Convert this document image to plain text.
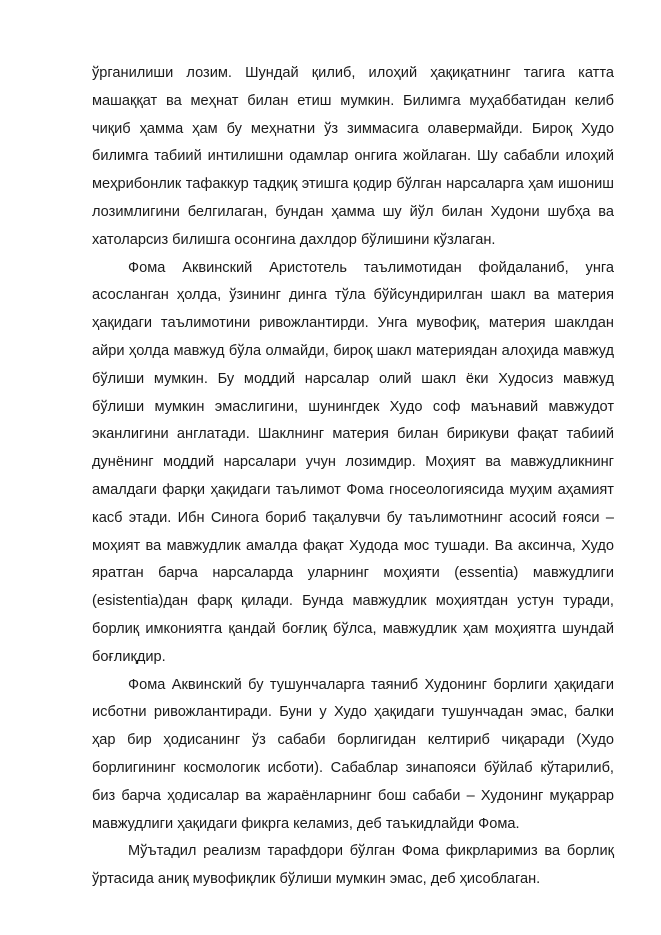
ўрганилиши лозим. Шундай қилиб, илоҳий ҳақиқатнинг тагига катта машаққат ва меҳнат билан етиш мумкин. Билимга муҳаббатидан келиб чиқиб ҳамма ҳам бу меҳнатни ўз зиммасига олавермайди. Бироқ Худо билимга табиий интилишни одамлар онгига жойлаган. Шу сабабли илоҳий меҳрибонлик тафаккур тадқиқ этишга қодир бўлган нарсаларга ҳам ишониш лозимлигини белгилаган, бундан ҳамма шу йўл билан Худони шубҳа ва хатоларсиз билишга осонгина дахлдор бўлишини кўзлаган.

Фома Аквинский Аристотель таълимотидан фойдаланиб, унга асосланган ҳолда, ўзининг динга тўла бўйсундирилган шакл ва материя ҳақидаги таълимотини ривожлантирди. Унга мувофиқ, материя шаклдан айри ҳолда мавжуд бўла олмайди, бироқ шакл материядан алоҳида мавжуд бўлиши мумкин. Бу моддий нарсалар олий шакл ёки Худосиз мавжуд бўлиши мумкин эмаслигини, шунингдек Худо соф маънавий мавжудот эканлигини англатади. Шаклнинг материя билан бирикуви фақат табиий дунёнинг моддий нарсалари учун лозимдир. Моҳият ва мавжудликнинг амалдаги фарқи ҳақидаги таълимот Фома гносеологиясида муҳим аҳамият касб этади. Ибн Синога бориб тақалувчи бу таълимотнинг асосий ғояси – моҳият ва мавжудлик амалда фақат Худода мос тушади. Ва аксинча, Худо яратган барча нарсаларда уларнинг моҳияти (essentia) мавжудлиги (esistentia)дан фарқ қилади. Бунда мавжудлик моҳиятдан устун туради, борлиқ имкониятга қандай боғлиқ бўлса, мавжудлик ҳам моҳиятга шундай боғлиқдир.

Фома Аквинский бу тушунчаларга таяниб Худонинг борлиги ҳақидаги исботни ривожлантиради. Буни у Худо ҳақидаги тушунчадан эмас, балки ҳар бир ҳодисанинг ўз сабаби борлигидан келтириб чиқаради (Худо борлигининг космологик исботи). Сабаблар зинапояси бўйлаб кўтарилиб, биз барча ҳодисалар ва жараёнларнинг бош сабаби – Худонинг муқаррар мавжудлиги ҳақидаги фикрга келамиз, деб таъкидлайди Фома.

Мўътадил реализм тарафдори бўлган Фома фикрларимиз ва борлиқ ўртасида аниқ мувофиқлик бўлиши мумкин эмас, деб ҳисоблаган.
